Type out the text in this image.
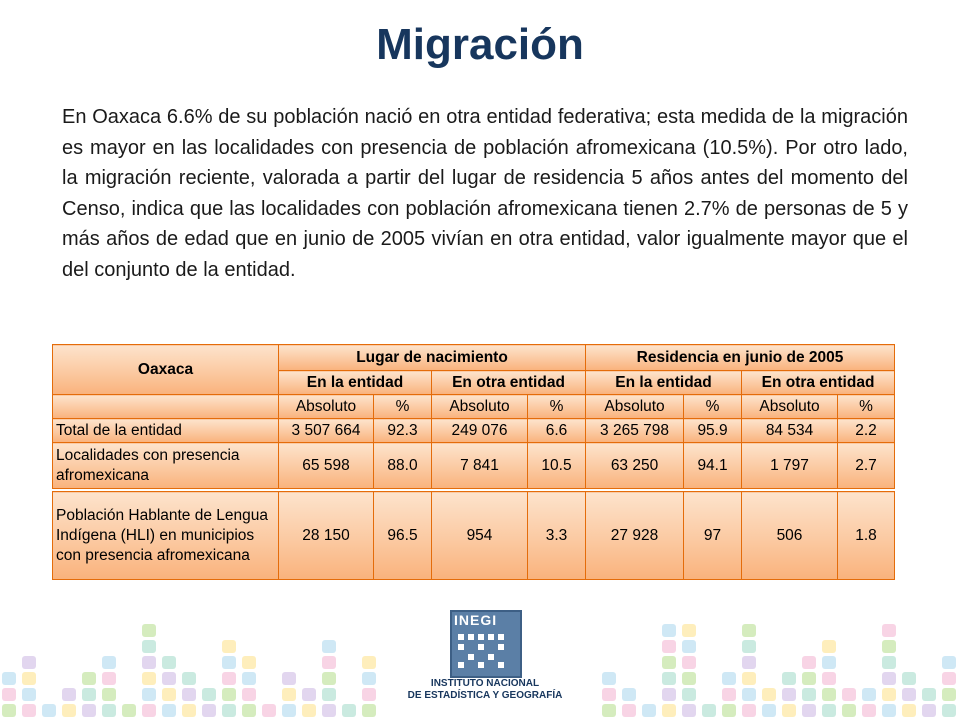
Migración
En Oaxaca 6.6% de su población nació en otra entidad federativa; esta medida de la migración es mayor en las localidades con presencia de población afromexicana (10.5%). Por otro lado, la migración reciente, valorada a partir del lugar de residencia 5 años antes del momento del Censo, indica que las localidades con población afromexicana tienen 2.7% de personas de 5 y más años de edad que en junio de 2005 vivían en otra entidad, valor igualmente mayor que el del conjunto de la entidad.
Oaxaca	Lugar de nacimiento				Residencia en junio de 2005			
	En la entidad		En otra entidad		En la entidad		En otra entidad	
	Absoluto	%	Absoluto	%	Absoluto	%	Absoluto	%
Total de la entidad	3 507 664	92.3	249 076	6.6	3 265 798	95.9	84 534	2.2
Localidades con presencia afromexicana	65 598	88.0	7 841	10.5	63 250	94.1	1 797	2.7
Población Hablante de Lengua Indígena (HLI) en municipios con presencia afromexicana	28 150	96.5	954	3.3	27 928	97	506	1.8
INEGI
INSTITUTO NACIONAL
DE ESTADÍSTICA Y GEOGRAFÍA
